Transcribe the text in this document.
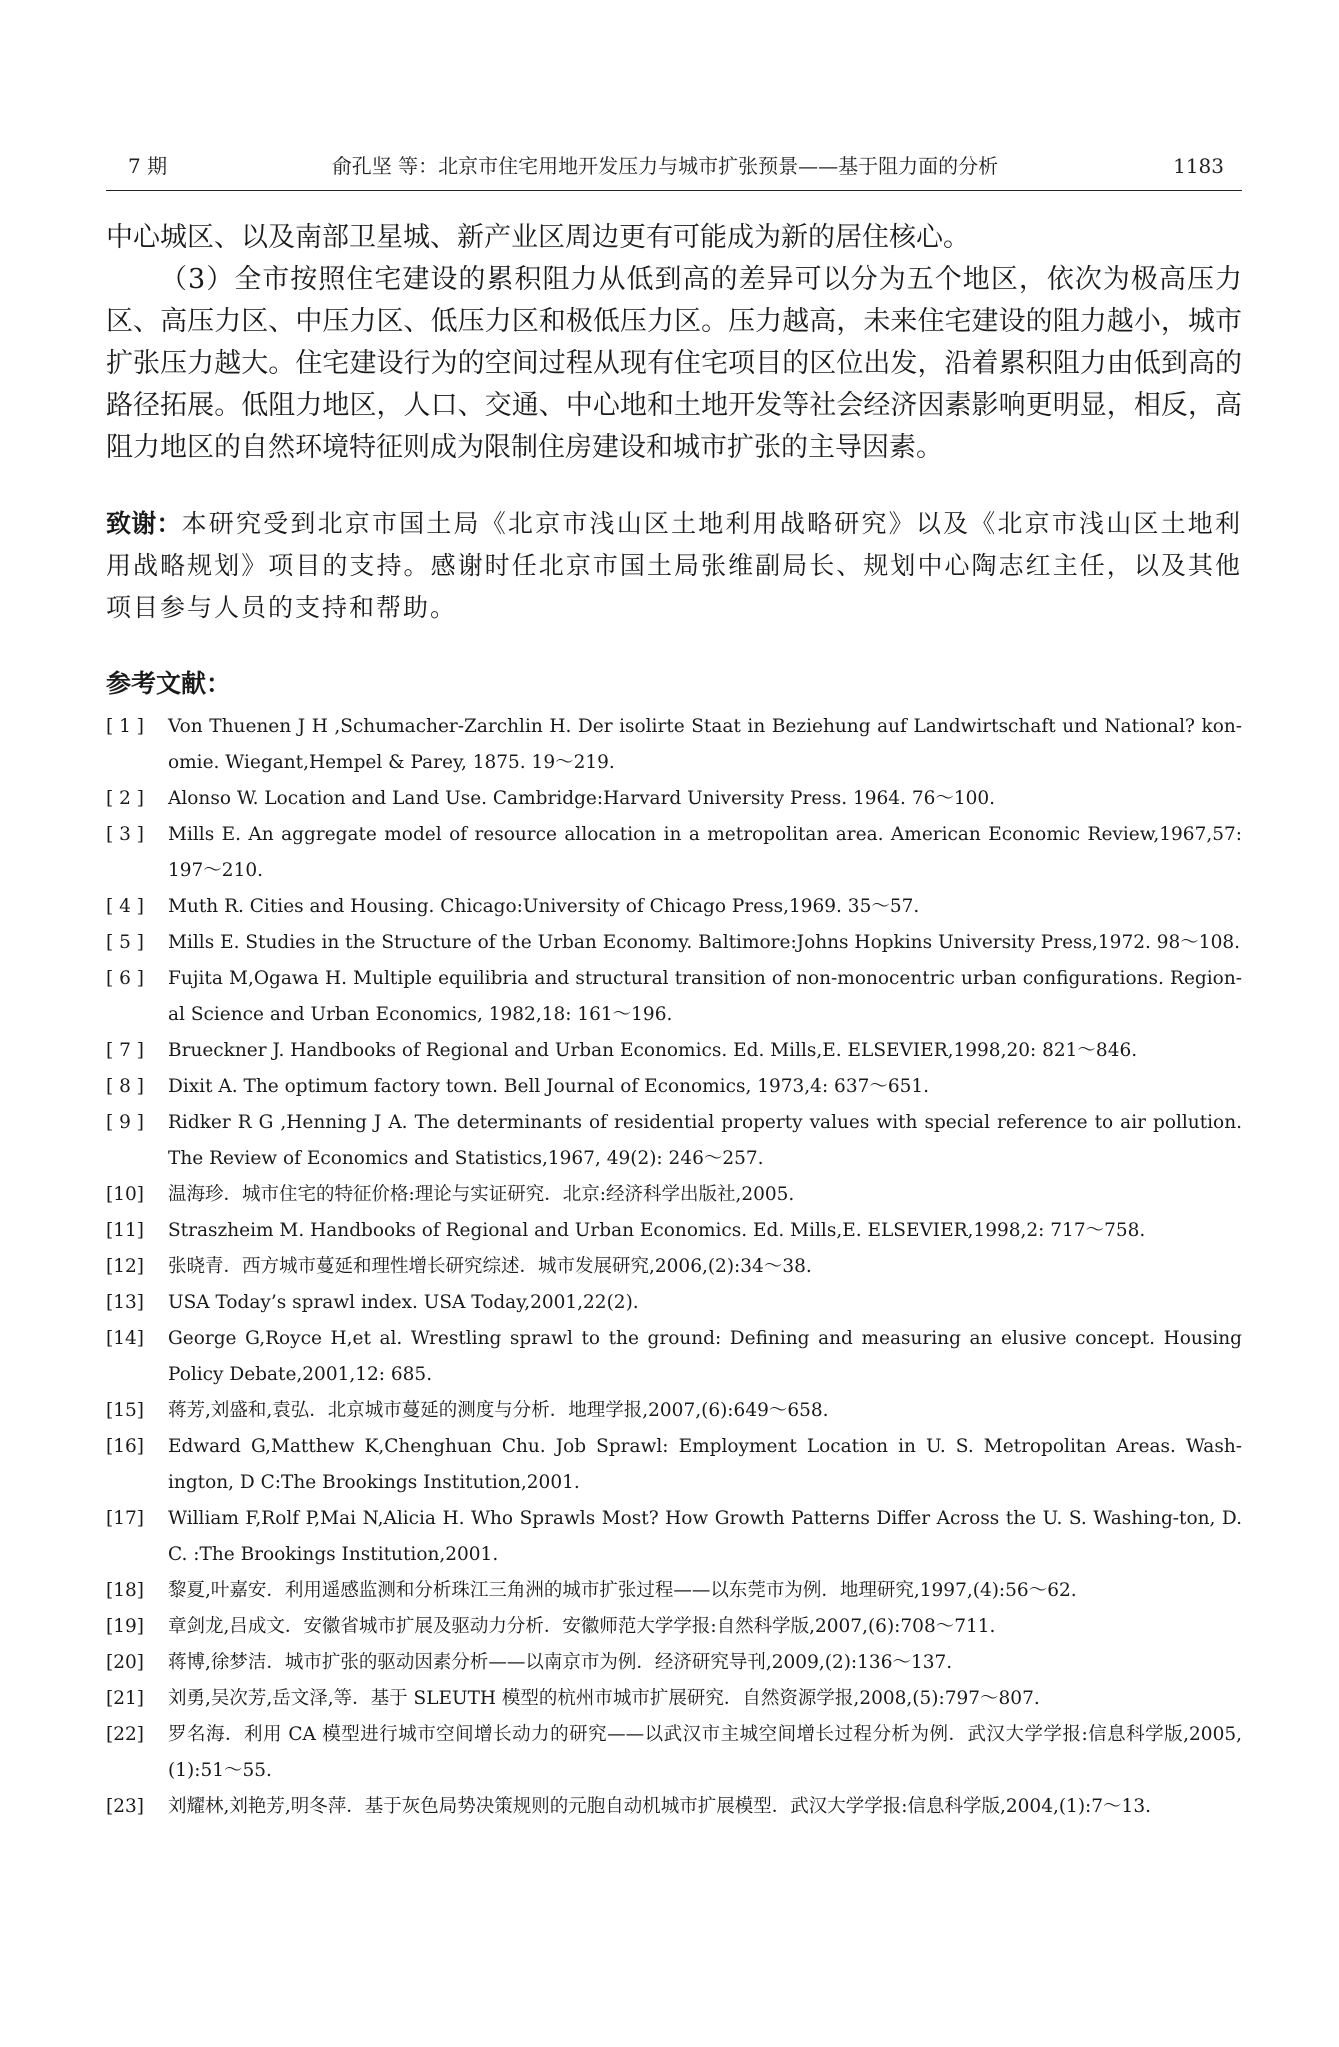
7 期	俞孔坚 等：北京市住宅用地开发压力与城市扩张预景——基于阻力面的分析	1183

中心城区、以及南部卫星城、新产业区周边更有可能成为新的居住核心。

（3）全市按照住宅建设的累积阻力从低到高的差异可以分为五个地区，依次为极高压力区、高压力区、中压力区、低压力区和极低压力区。压力越高，未来住宅建设的阻力越小，城市扩张压力越大。住宅建设行为的空间过程从现有住宅项目的区位出发，沿着累积阻力由低到高的路径拓展。低阻力地区，人口、交通、中心地和土地开发等社会经济因素影响更明显，相反，高阻力地区的自然环境特征则成为限制住房建设和城市扩张的主导因素。

致谢：本研究受到北京市国土局《北京市浅山区土地利用战略研究》以及《北京市浅山区土地利用战略规划》项目的支持。感谢时任北京市国土局张维副局长、规划中心陶志红主任，以及其他项目参与人员的支持和帮助。
参考文献：
[ 1 ]	Von Thuenen J H ,Schumacher-Zarchlin H. Der isolirte Staat in Beziehung auf Landwirtschaft und National? kon-omie. Wiegant,Hempel & Parey, 1875. 19～219.
[ 2 ]	Alonso W. Location and Land Use. Cambridge:Harvard University Press. 1964. 76～100.
[ 3 ]	Mills E. An aggregate model of resource allocation in a metropolitan area. American Economic Review,1967,57: 197～210.
[ 4 ]	Muth R. Cities and Housing. Chicago:University of Chicago Press,1969. 35～57.
[ 5 ]	Mills E. Studies in the Structure of the Urban Economy. Baltimore:Johns Hopkins University Press,1972. 98～108.
[ 6 ]	Fujita M,Ogawa H. Multiple equilibria and structural transition of non-monocentric urban configurations. Region-al Science and Urban Economics, 1982,18: 161～196.
[ 7 ]	Brueckner J. Handbooks of Regional and Urban Economics. Ed. Mills,E. ELSEVIER,1998,20: 821～846.
[ 8 ]	Dixit A. The optimum factory town. Bell Journal of Economics, 1973,4: 637～651.
[ 9 ]	Ridker R G ,Henning J A. The determinants of residential property values with special reference to air pollution. The Review of Economics and Statistics,1967, 49(2): 246～257.
[10]	温海珍．城市住宅的特征价格:理论与实证研究．北京:经济科学出版社,2005.
[11]	Straszheim M. Handbooks of Regional and Urban Economics. Ed. Mills,E. ELSEVIER,1998,2: 717～758.
[12]	张晓青．西方城市蔓延和理性增长研究综述．城市发展研究,2006,(2):34～38.
[13]	USA Today’s sprawl index. USA Today,2001,22(2).
[14]	George G,Royce H,et al. Wrestling sprawl to the ground: Defining and measuring an elusive concept. Housing Policy Debate,2001,12: 685.
[15]	蒋芳,刘盛和,袁弘．北京城市蔓延的测度与分析．地理学报,2007,(6):649～658.
[16]	Edward G,Matthew K,Chenghuan Chu. Job Sprawl: Employment Location in U. S. Metropolitan Areas. Wash-ington, D C:The Brookings Institution,2001.
[17]	William F,Rolf P,Mai N,Alicia H. Who Sprawls Most? How Growth Patterns Differ Across the U. S. Washing-ton, D. C. :The Brookings Institution,2001.
[18]	黎夏,叶嘉安．利用遥感监测和分析珠江三角洲的城市扩张过程——以东莞市为例．地理研究,1997,(4):56～62.
[19]	章剑龙,吕成文．安徽省城市扩展及驱动力分析．安徽师范大学学报:自然科学版,2007,(6):708～711.
[20]	蒋博,徐梦洁．城市扩张的驱动因素分析——以南京市为例．经济研究导刊,2009,(2):136～137.
[21]	刘勇,吴次芳,岳文泽,等．基于 SLEUTH 模型的杭州市城市扩展研究．自然资源学报,2008,(5):797～807.
[22]	罗名海．利用 CA 模型进行城市空间增长动力的研究——以武汉市主城空间增长过程分析为例．武汉大学学报:信息科学版,2005,(1):51～55.
[23]	刘耀林,刘艳芳,明冬萍．基于灰色局势决策规则的元胞自动机城市扩展模型．武汉大学学报:信息科学版,2004,(1):7～13.
